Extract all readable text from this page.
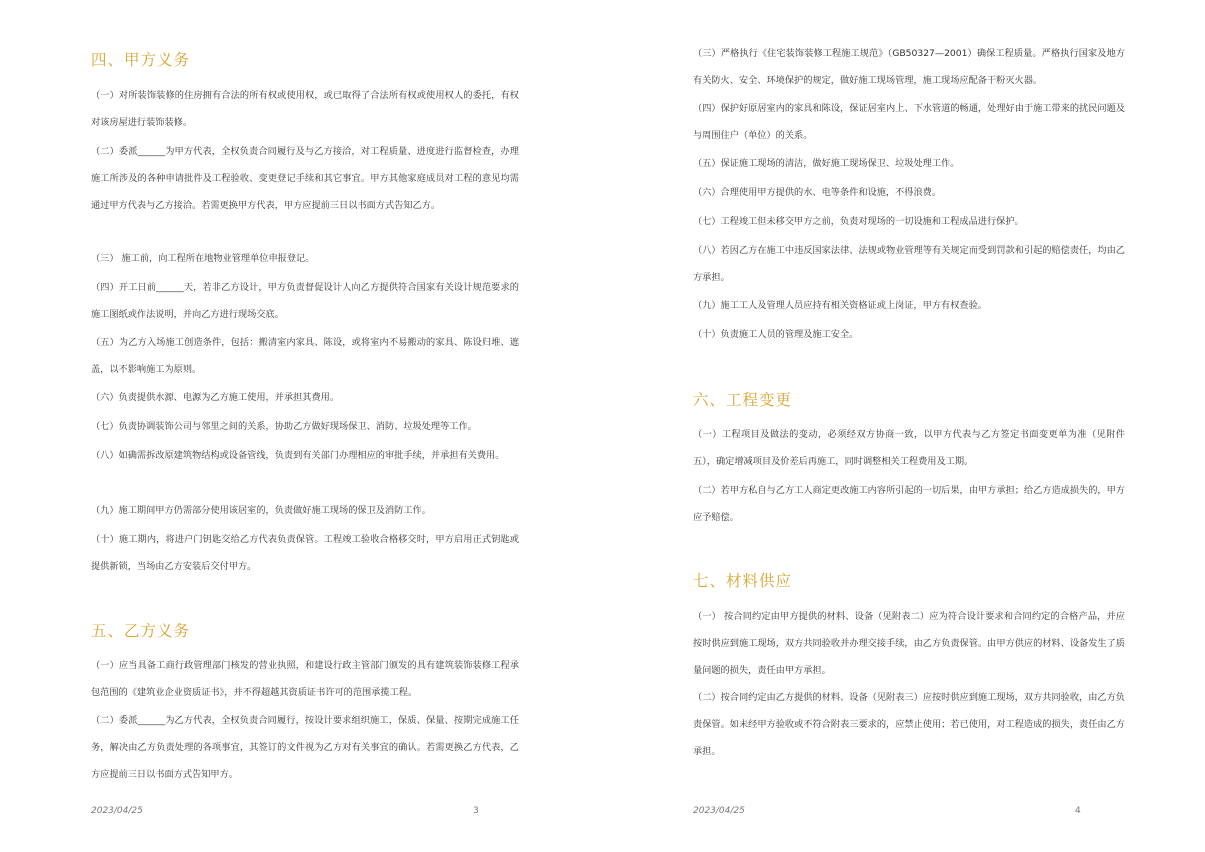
四、甲方义务

（一）对所装饰装修的住房拥有合法的所有权或使用权，或已取得了合法所有权或使用权人的委托，有权对该房屋进行装饰装修。

（二）委派______为甲方代表，全权负责合同履行及与乙方接洽，对工程质量、进度进行监督检查，办理施工所涉及的各种申请批件及工程验收、变更登记手续和其它事宜。甲方其他家庭成员对工程的意见均需通过甲方代表与乙方接洽。若需更换甲方代表，甲方应提前三日以书面方式告知乙方。

（三） 施工前，向工程所在地物业管理单位申报登记。

（四）开工日前______天，若非乙方设计，甲方负责督促设计人向乙方提供符合国家有关设计规范要求的施工图纸或作法说明，并向乙方进行现场交底。

（五）为乙方入场施工创造条件，包括：搬清室内家具、陈设，或将室内不易搬动的家具、陈设归堆、遮盖，以不影响施工为原则。

（六）负责提供水源、电源为乙方施工使用，并承担其费用。

（七）负责协调装饰公司与邻里之间的关系，协助乙方做好现场保卫、消防、垃圾处理等工作。

（八）如确需拆改原建筑物结构或设备管线，负责到有关部门办理相应的审批手续，并承担有关费用。

（九）施工期间甲方仍需部分使用该居室的，负责做好施工现场的保卫及消防工作。

（十）施工期内，将进户门钥匙交给乙方代表负责保管。工程竣工验收合格移交时，甲方启用正式钥匙或提供新锁，当场由乙方安装后交付甲方。

五、乙方义务

（一）应当具备工商行政管理部门核发的营业执照，和建设行政主管部门颁发的具有建筑装饰装修工程承包范围的《建筑业企业资质证书》，并不得超越其资质证书许可的范围承揽工程。

（二）委派______为乙方代表，全权负责合同履行，按设计要求组织施工，保质、保量、按期完成施工任务，解决由乙方负责处理的各项事宜，其签订的文件视为乙方对有关事宜的确认。若需更换乙方代表，乙方应提前三日以书面方式告知甲方。

2023/04/25	3

（三）严格执行《住宅装饰装修工程施工规范》（GB50327—2001）确保工程质量。严格执行国家及地方有关防火、安全、环境保护的规定，做好施工现场管理，施工现场应配备干粉灭火器。

（四）保护好原居室内的家具和陈设，保证居室内上、下水管道的畅通，处理好由于施工带来的扰民问题及与周围住户（单位）的关系。

（五）保证施工现场的清洁，做好施工现场保卫、垃圾处理工作。

（六）合理使用甲方提供的水、电等条件和设施，不得浪费。

（七）工程竣工但未移交甲方之前，负责对现场的一切设施和工程成品进行保护。

（八）若因乙方在施工中违反国家法律、法规或物业管理等有关规定而受到罚款和引起的赔偿责任，均由乙方承担。

（九）施工工人及管理人员应持有相关资格证或上岗证，甲方有权查验。

（十）负责施工人员的管理及施工安全。

六、工程变更

（一）工程项目及做法的变动，必须经双方协商一致，以甲方代表与乙方签定书面变更单为准（见附件五），确定增减项目及价差后再施工，同时调整相关工程费用及工期。

（二）若甲方私自与乙方工人商定更改施工内容所引起的一切后果，由甲方承担；给乙方造成损失的，甲方应予赔偿。

七、材料供应

（一） 按合同约定由甲方提供的材料、设备（见附表二）应为符合设计要求和合同约定的合格产品，并应按时供应到施工现场，双方共同验收并办理交接手续，由乙方负责保管。由甲方供应的材料、设备发生了质量问题的损失，责任由甲方承担。

（二）按合同约定由乙方提供的材料、设备（见附表三）应按时供应到施工现场，双方共同验收，由乙方负责保管。如未经甲方验收或不符合附表三要求的，应禁止使用；若已使用，对工程造成的损失，责任由乙方承担。

2023/04/25	4
